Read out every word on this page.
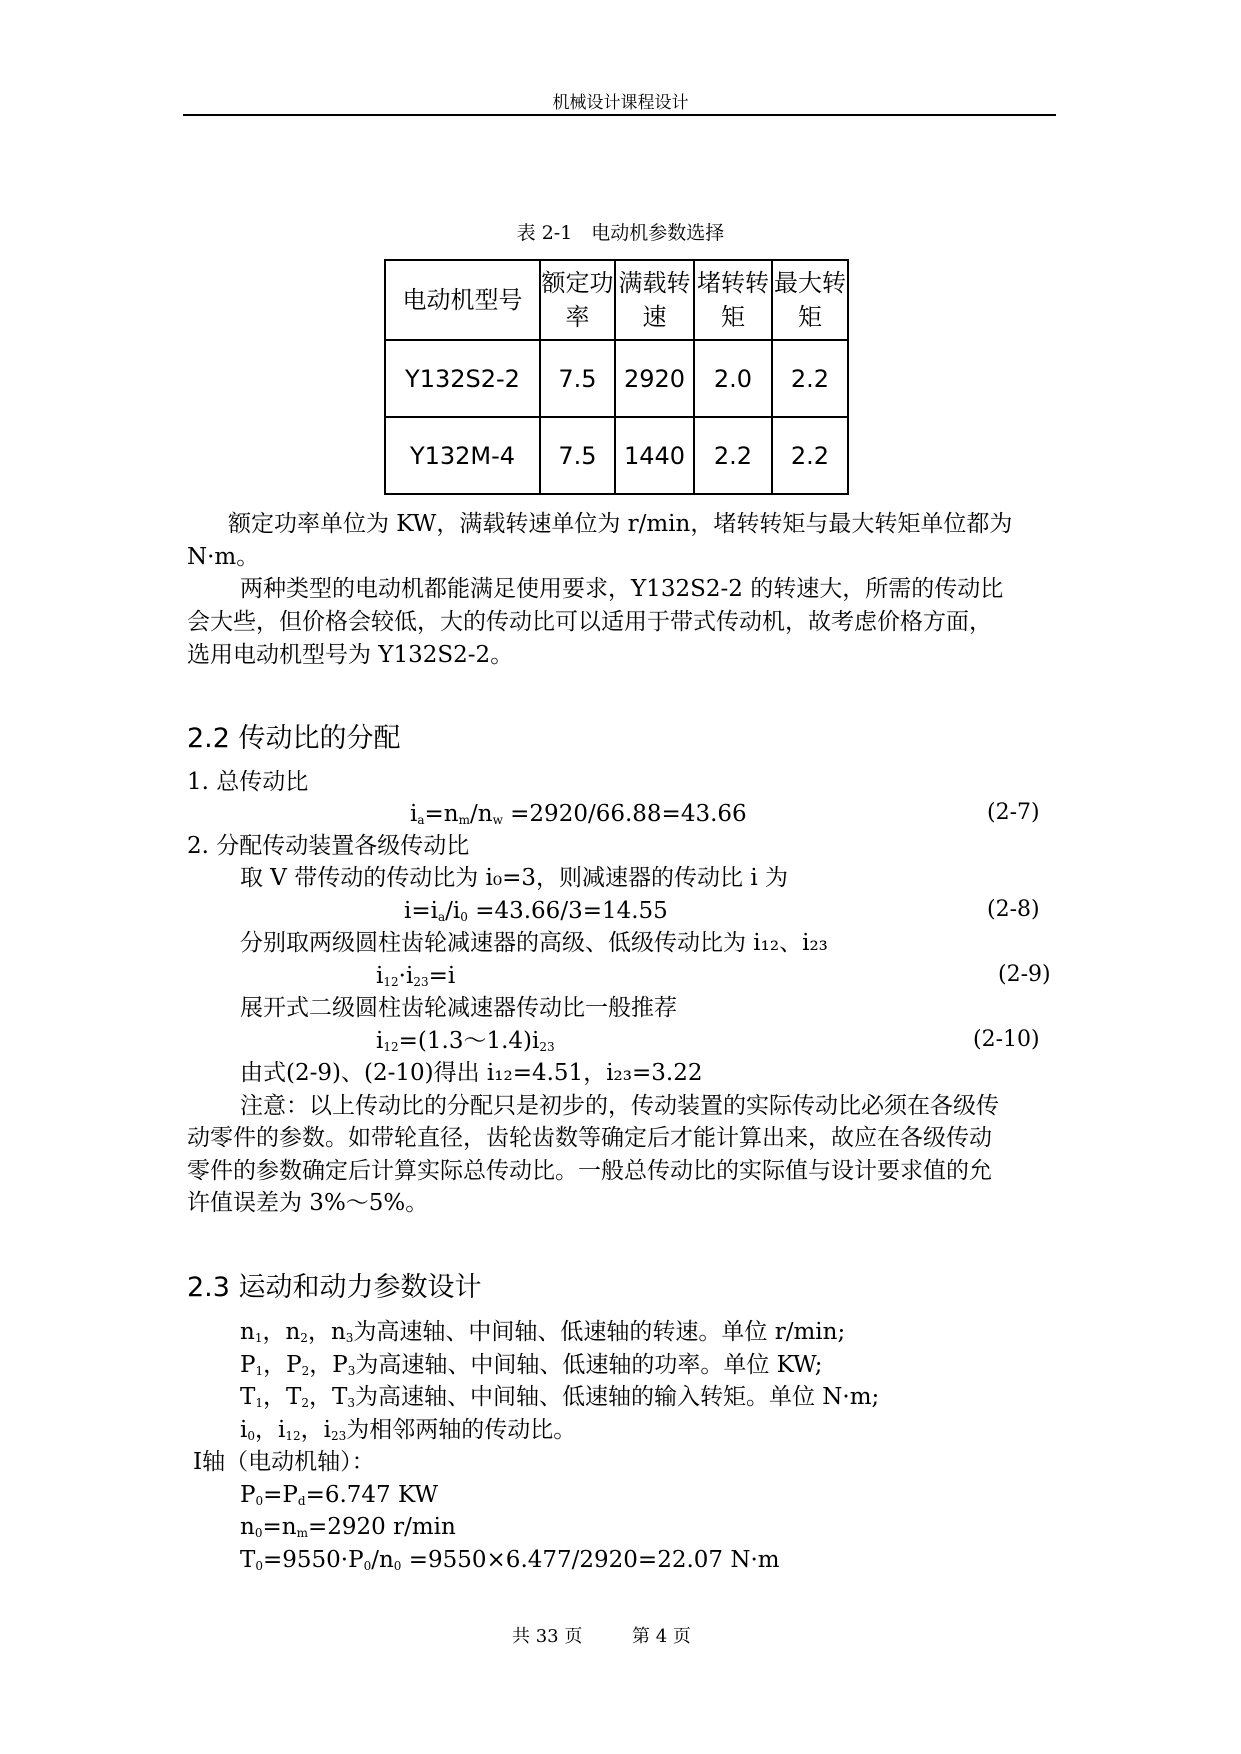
机械设计课程设计
表 2-1　电动机参数选择
电动机型号	额定功率	满载转速	堵转转矩	最大转矩
Y132S2-2	7.5	2920	2.0	2.2
Y132M-4	7.5	1440	2.2	2.2
额定功率单位为 KW，满载转速单位为 r/min，堵转转矩与最大转矩单位都为
N·m。
两种类型的电动机都能满足使用要求，Y132S2-2 的转速大，所需的传动比
会大些，但价格会较低，大的传动比可以适用于带式传动机，故考虑价格方面，
选用电动机型号为 Y132S2-2。
2.2 传动比的分配
1. 总传动比
$i_a=n_m/n_w =2920/66.88=43.66$	(2-7)
2. 分配传动装置各级传动比
取 V 带传动的传动比为 i₀=3，则减速器的传动比 i 为
$i=i_a/i_0 =43.66/3=14.55$	(2-8)
分别取两级圆柱齿轮减速器的高级、低级传动比为 i₁₂、i₂₃
$i_{12}\cdot i_{23}=i$	(2-9)
展开式二级圆柱齿轮减速器传动比一般推荐
$i_{12}=(1.3\sim 1.4)i_{23}$	(2-10)
由式(2-9)、(2-10)得出 i₁₂=4.51，i₂₃=3.22
注意：以上传动比的分配只是初步的，传动装置的实际传动比必须在各级传
动零件的参数。如带轮直径，齿轮齿数等确定后才能计算出来，故应在各级传动
零件的参数确定后计算实际总传动比。一般总传动比的实际值与设计要求值的允
许值误差为 3%～5%。
2.3 运动和动力参数设计
$n_1$，$n_2$，$n_3$为高速轴、中间轴、低速轴的转速。单位 r/min;
$P_1$，$P_2$，$P_3$为高速轴、中间轴、低速轴的功率。单位 KW;
$T_1$，$T_2$，$T_3$为高速轴、中间轴、低速轴的输入转矩。单位 N·m;
$i_0$，$i_{12}$，$i_{23}$为相邻两轴的传动比。
Ⅰ轴（电动机轴）：
$P_0=P_d=6.747$ KW
$n_0=n_m=2920$ r/min
$T_0=9550\cdot P_0/n_0 =9550\times 6.477/2920=22.07$ N·m
共 33 页	第 4 页
